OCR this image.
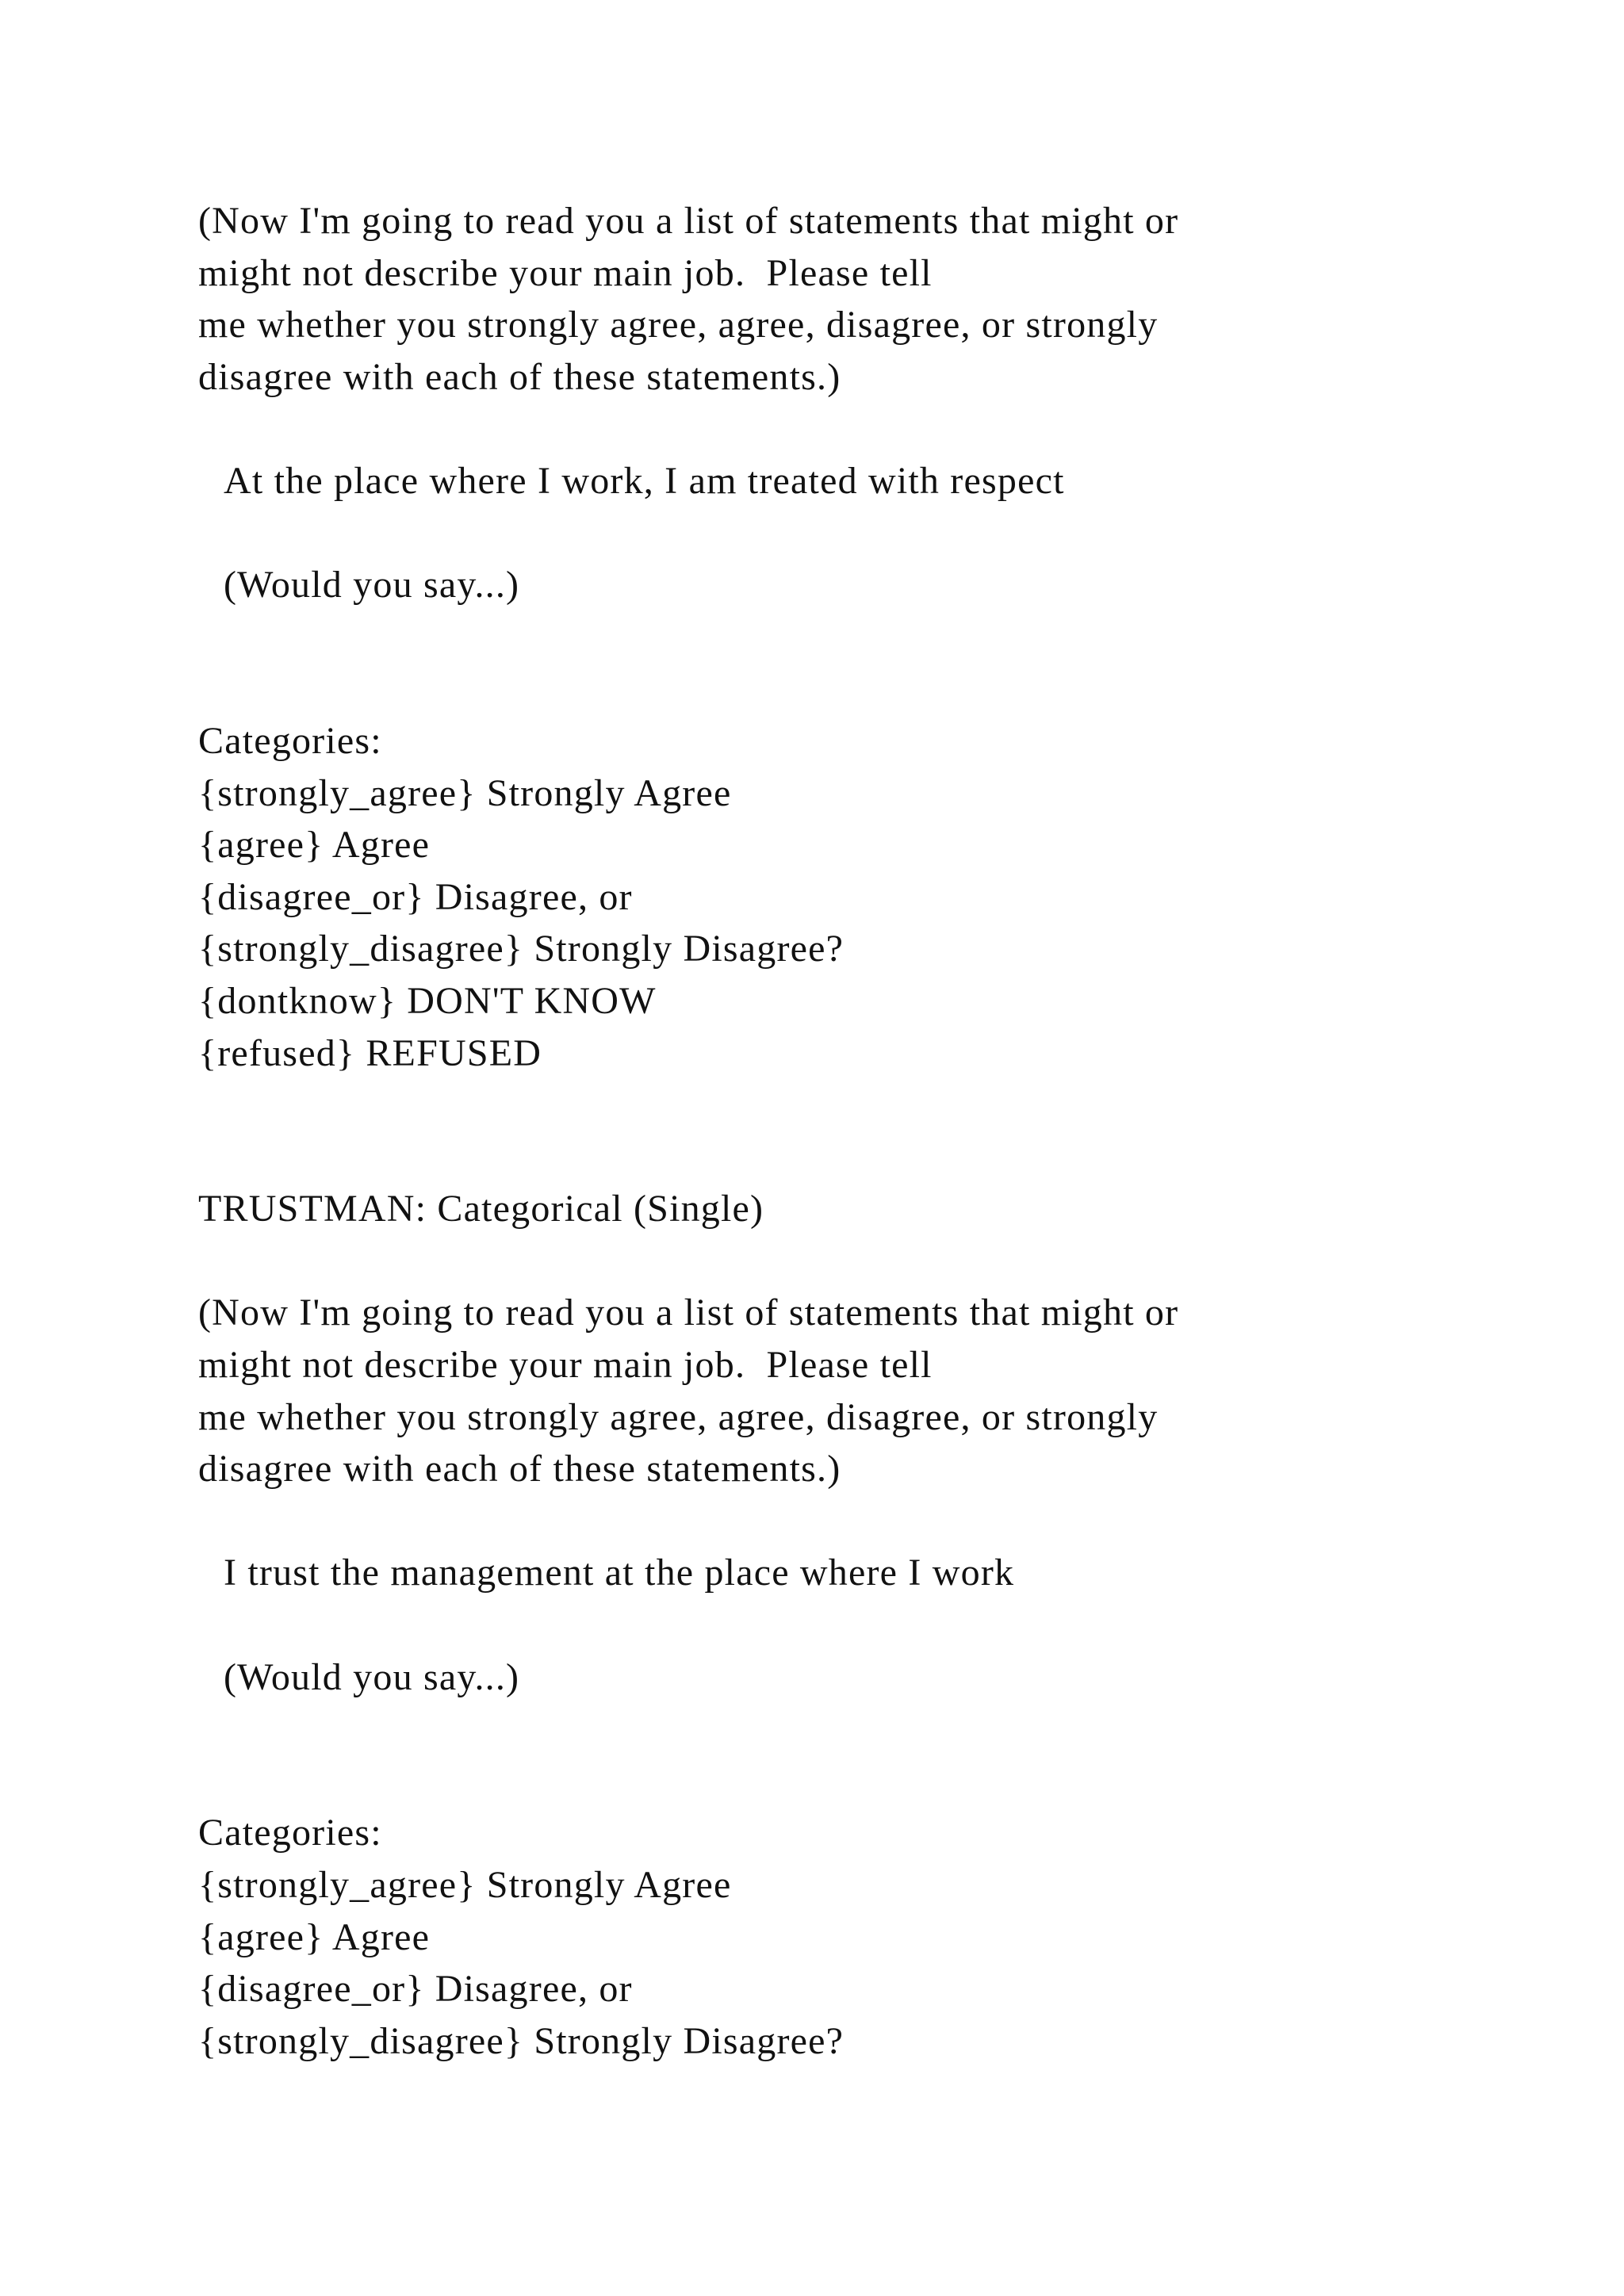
(Now I'm going to read you a list of statements that might or
might not describe your main job.  Please tell
me whether you strongly agree, agree, disagree, or strongly
disagree with each of these statements.)
At the place where I work, I am treated with respect
(Would you say...)
Categories:
{strongly_agree} Strongly Agree
{agree} Agree
{disagree_or} Disagree, or
{strongly_disagree} Strongly Disagree?
{dontknow} DON'T KNOW
{refused} REFUSED
TRUSTMAN: Categorical (Single)
(Now I'm going to read you a list of statements that might or
might not describe your main job.  Please tell
me whether you strongly agree, agree, disagree, or strongly
disagree with each of these statements.)
I trust the management at the place where I work
(Would you say...)
Categories:
{strongly_agree} Strongly Agree
{agree} Agree
{disagree_or} Disagree, or
{strongly_disagree} Strongly Disagree?
